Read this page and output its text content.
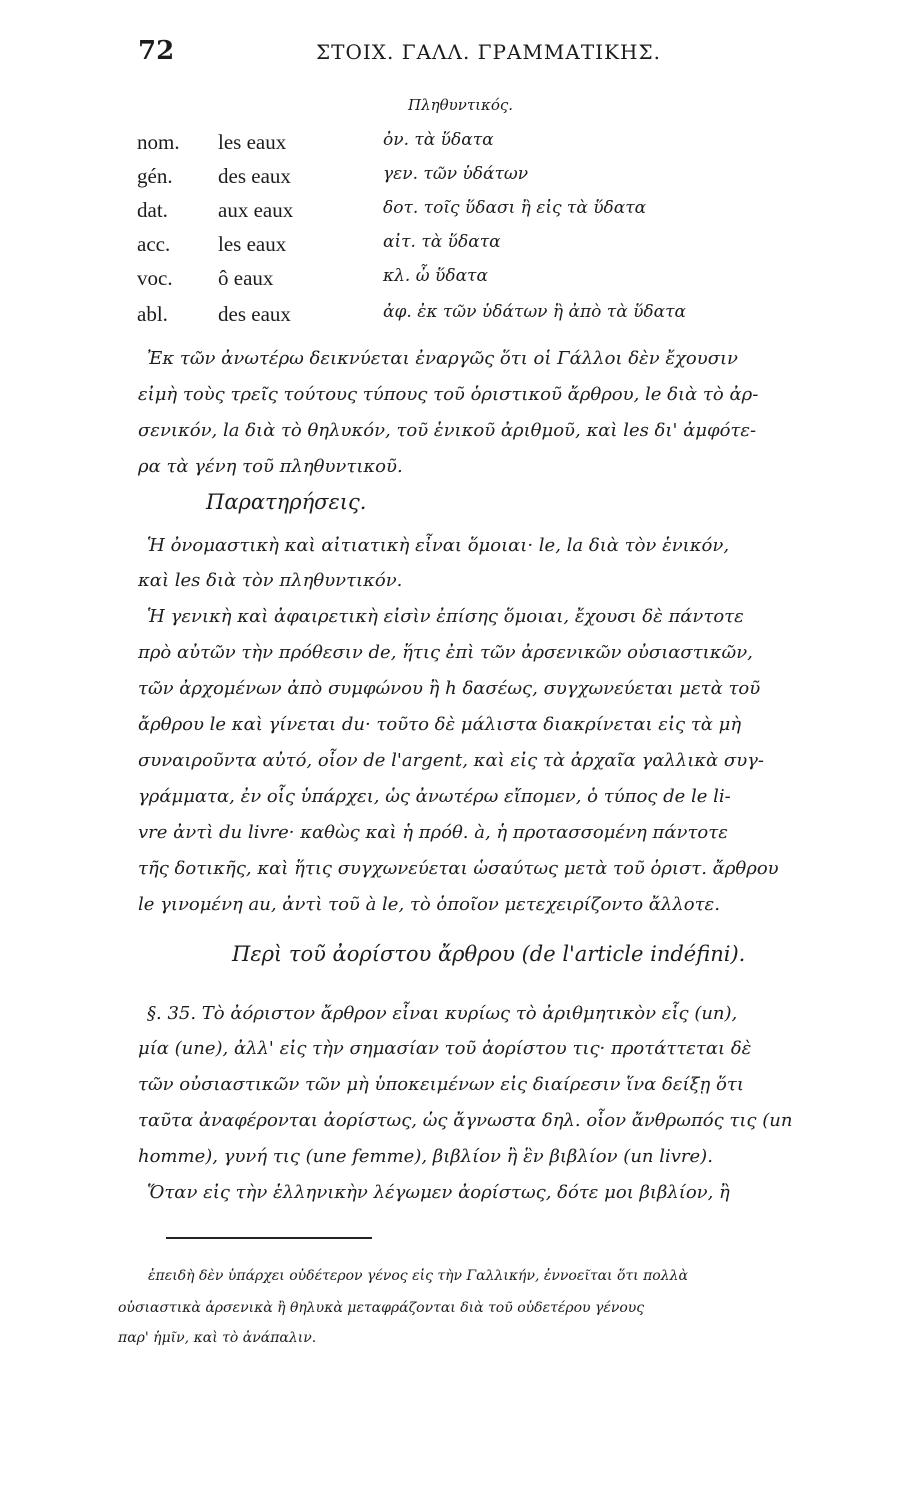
72	ΣΤΟΙΧ. ΓΑΛΛ. ΓΡΑΜΜΑΤΙΚΗΣ.
Πληθυντικός.
nom. les eaux	ὀν. τὰ ὕδατα
gén. des eaux	γεν. τῶν ὑδάτων
dat. aux eaux	δοτ. τοῖς ὕδασι ἢ εἰς τὰ ὕδατα
acc. les eaux	αἰτ. τὰ ὕδατα
voc. ô eaux	κλ. ὦ ὕδατα
abl. des eaux	ἀφ. ἐκ τῶν ὑδάτων ἢ ἀπὸ τὰ ὕδατα
Ἐκ τῶν ἀνωτέρω δεικνύεται ἐναργῶς ὅτι οἱ Γάλλοι δὲν ἔχουσιν
εἰμὴ τοὺς τρεῖς τούτους τύπους τοῦ ὁριστικοῦ ἄρθρου, le διὰ τὸ ἀρ-
σενικόν, la διὰ τὸ θηλυκόν, τοῦ ἑνικοῦ ἀριθμοῦ, καὶ les δι' ἀμφότε-
ρα τὰ γένη τοῦ πληθυντικοῦ.
Παρατηρήσεις.
Ἡ ὀνομαστικὴ καὶ αἰτιατικὴ εἶναι ὅμοιαι· le, la διὰ τὸν ἑνικόν,
καὶ les διὰ τὸν πληθυντικόν.
Ἡ γενικὴ καὶ ἀφαιρετικὴ εἰσὶν ἐπίσης ὅμοιαι, ἔχουσι δὲ πάντοτε
πρὸ αὐτῶν τὴν πρόθεσιν de, ἥτις ἐπὶ τῶν ἀρσενικῶν οὐσιαστικῶν,
τῶν ἀρχομένων ἀπὸ συμφώνου ἢ h δασέως, συγχωνεύεται μετὰ τοῦ
ἄρθρου le καὶ γίνεται du· τοῦτο δὲ μάλιστα διακρίνεται εἰς τὰ μὴ
συναιροῦντα αὐτό, οἷον de l'argent, καὶ εἰς τὰ ἀρχαῖα γαλλικὰ συγ-
γράμματα, ἐν οἷς ὑπάρχει, ὡς ἀνωτέρω εἴπομεν, ὁ τύπος de le li-
vre ἀντὶ du livre· καθὼς καὶ ἡ πρόθ. à, ἡ προτασσομένη πάντοτε
τῆς δοτικῆς, καὶ ἥτις συγχωνεύεται ὡσαύτως μετὰ τοῦ ὁριστ. ἄρθρου
le γινομένη au, ἀντὶ τοῦ à le, τὸ ὁποῖον μετεχειρίζοντο ἄλλοτε.
Περὶ τοῦ ἀορίστου ἄρθρου (de l'article indéfini).
§. 35. Τὸ ἀόριστον ἄρθρον εἶναι κυρίως τὸ ἀριθμητικὸν εἷς (un),
μία (une), ἀλλ' εἰς τὴν σημασίαν τοῦ ἀορίστου τις· προτάττεται δὲ
τῶν οὐσιαστικῶν τῶν μὴ ὑποκειμένων εἰς διαίρεσιν ἵνα δείξῃ ὅτι
ταῦτα ἀναφέρονται ἀορίστως, ὡς ἄγνωστα δηλ. οἷον ἄνθρωπός τις (un
homme), γυνή τις (une femme), βιβλίον ἢ ἓν βιβλίον (un livre).
Ὅταν εἰς τὴν ἑλληνικὴν λέγωμεν ἀορίστως, δότε μοι βιβλίον, ἢ
ἐπειδὴ δὲν ὑπάρχει οὐδέτερον γένος εἰς τὴν Γαλλικήν, ἐννοεῖται ὅτι πολλὰ
οὐσιαστικὰ ἀρσενικὰ ἢ θηλυκὰ μεταφράζονται διὰ τοῦ οὐδετέρου γένους
παρ' ἡμῖν, καὶ τὸ ἀνάπαλιν.
